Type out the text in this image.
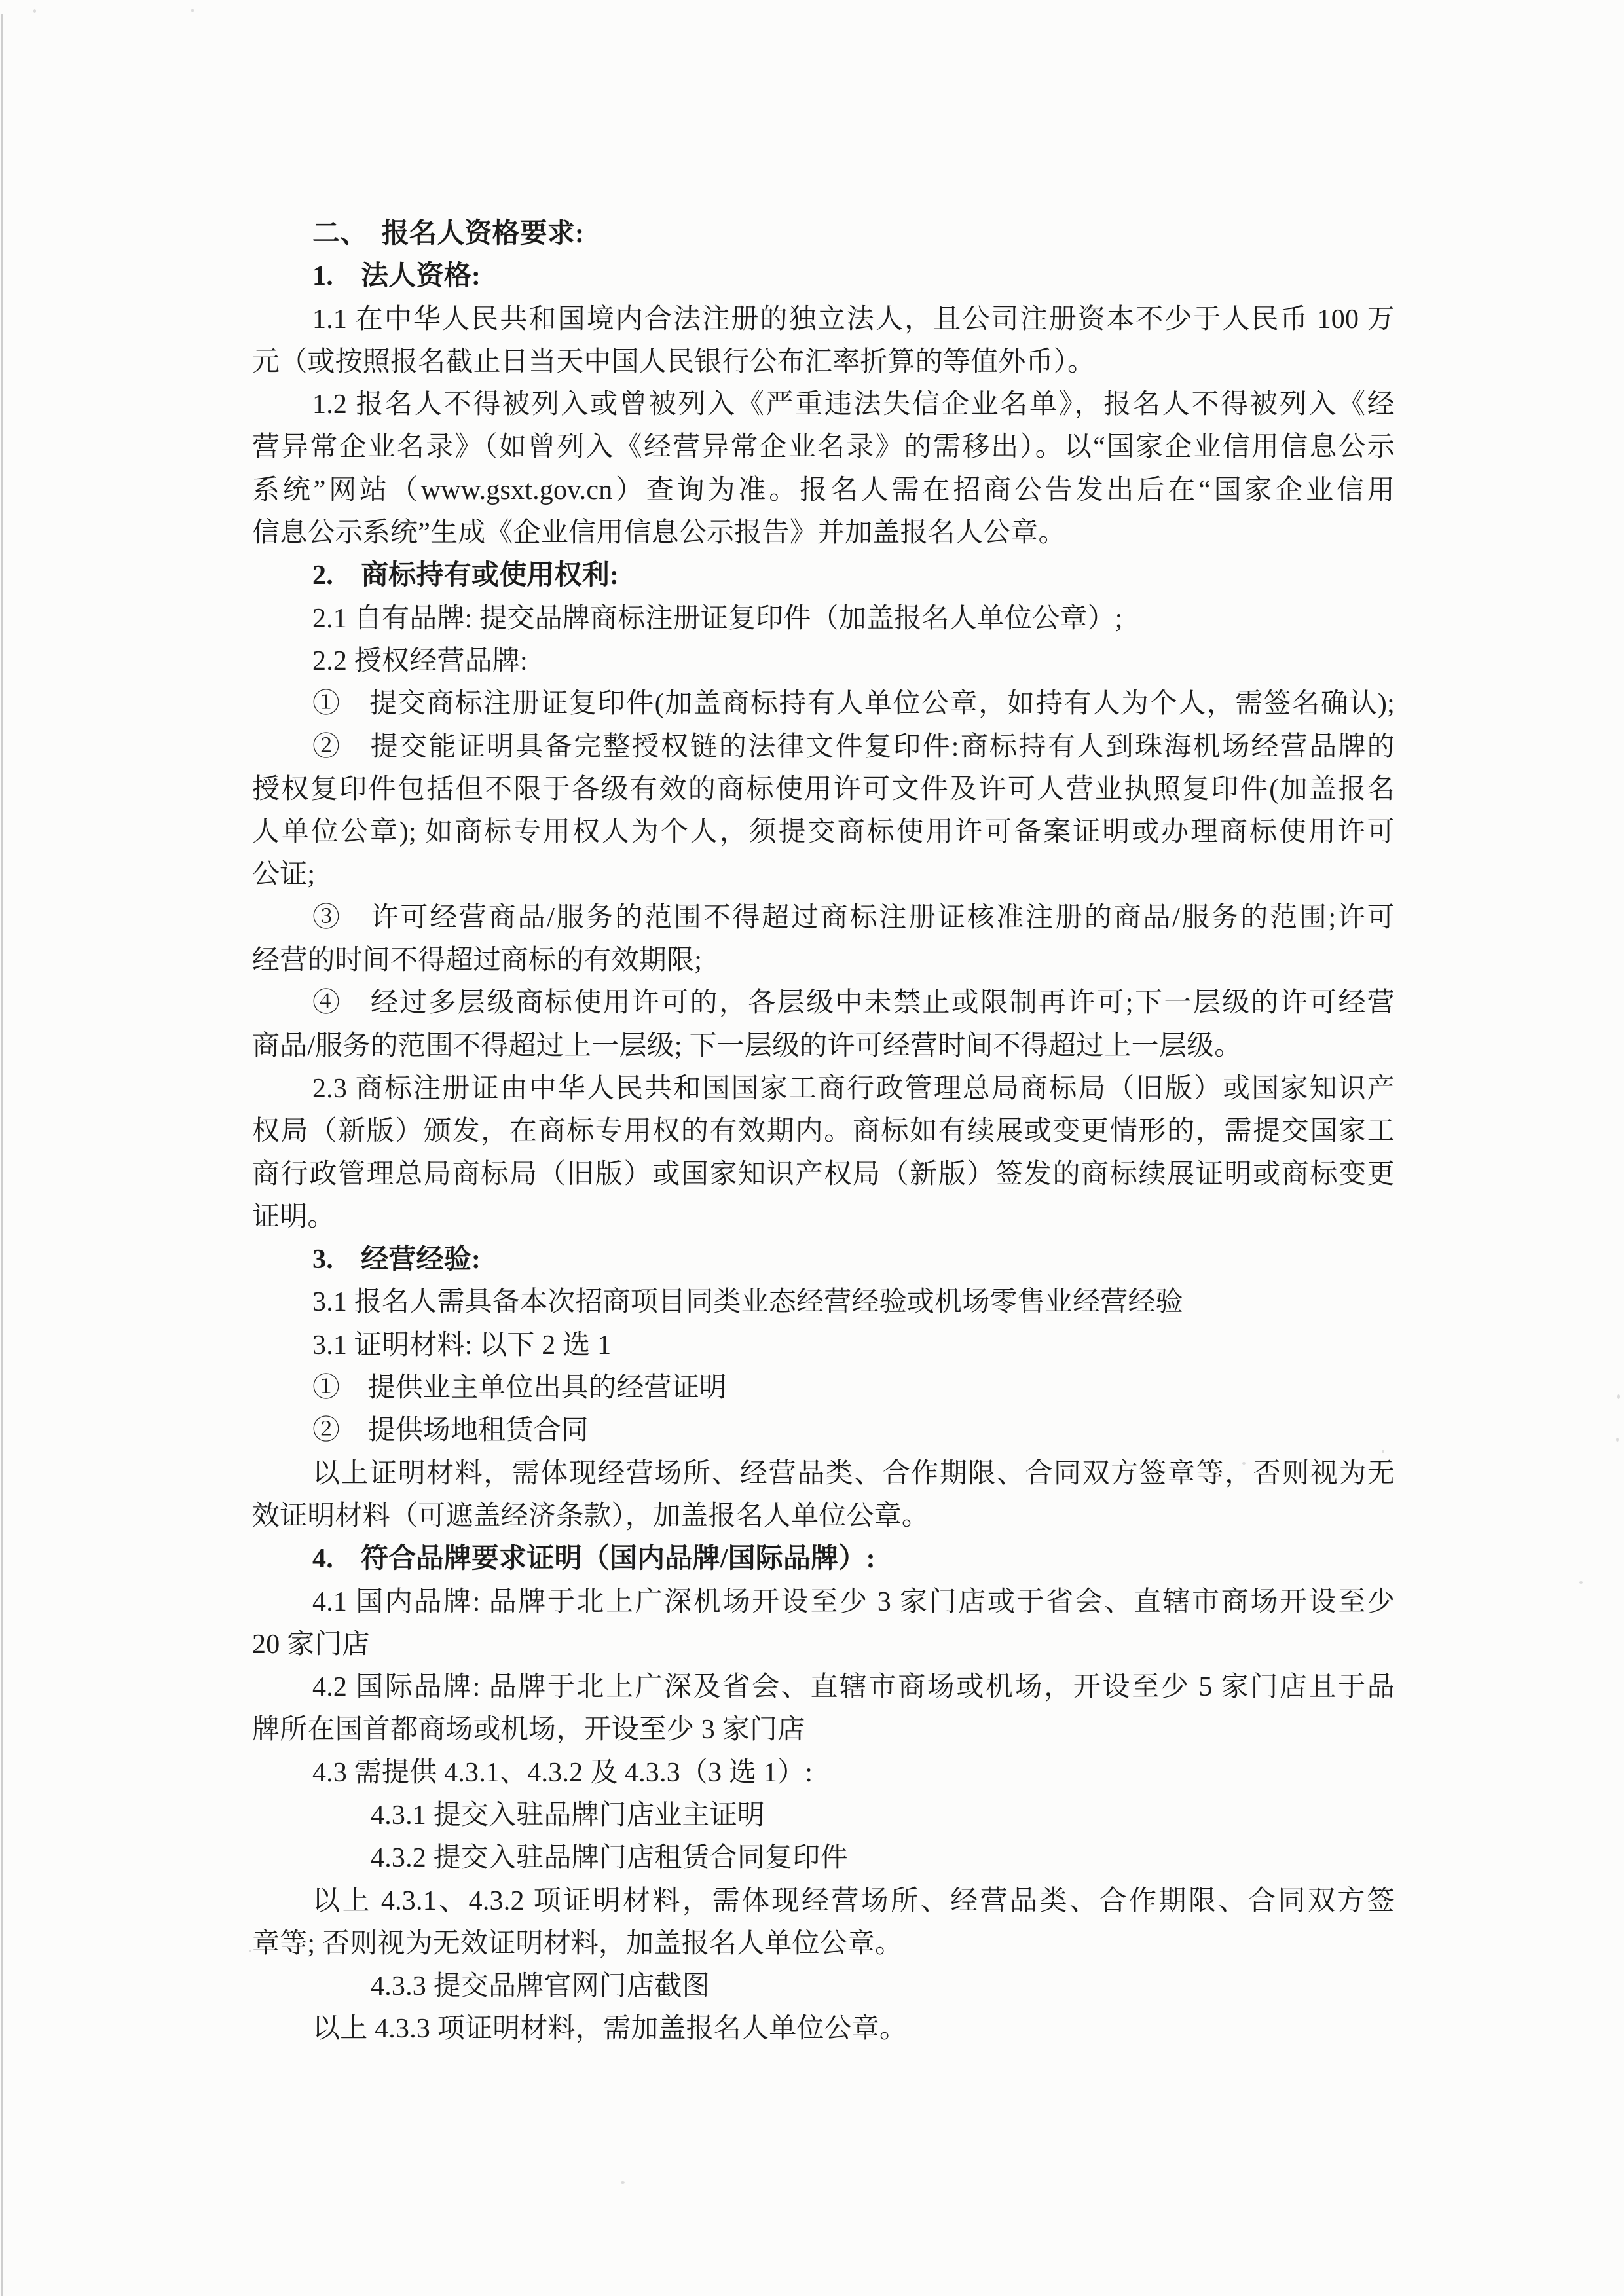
二、　报名人资格要求:
1.　法人资格:
1.1 在中华人民共和国境内合法注册的独立法人，且公司注册资本不少于人民币 100 万
元（或按照报名截止日当天中国人民银行公布汇率折算的等值外币）。
1.2 报名人不得被列入或曾被列入《严重违法失信企业名单》，报名人不得被列入《经
营异常企业名录》（如曾列入《经营异常企业名录》的需移出）。以“国家企业信用信息公示
系统”网站（www.gsxt.gov.cn）查询为准。报名人需在招商公告发出后在“国家企业信用
信息公示系统”生成《企业信用信息公示报告》并加盖报名人公章。
2.　商标持有或使用权利:
2.1 自有品牌: 提交品牌商标注册证复印件（加盖报名人单位公章）;
2.2 授权经营品牌:
①　提交商标注册证复印件(加盖商标持有人单位公章，如持有人为个人，需签名确认);
②　提交能证明具备完整授权链的法律文件复印件:商标持有人到珠海机场经营品牌的
授权复印件包括但不限于各级有效的商标使用许可文件及许可人营业执照复印件(加盖报名
人单位公章); 如商标专用权人为个人，须提交商标使用许可备案证明或办理商标使用许可
公证;
③　许可经营商品/服务的范围不得超过商标注册证核准注册的商品/服务的范围;许可
经营的时间不得超过商标的有效期限;
④　经过多层级商标使用许可的，各层级中未禁止或限制再许可;下一层级的许可经营
商品/服务的范围不得超过上一层级; 下一层级的许可经营时间不得超过上一层级。
2.3 商标注册证由中华人民共和国国家工商行政管理总局商标局（旧版）或国家知识产
权局（新版）颁发，在商标专用权的有效期内。商标如有续展或变更情形的，需提交国家工
商行政管理总局商标局（旧版）或国家知识产权局（新版）签发的商标续展证明或商标变更
证明。
3.　经营经验:
3.1 报名人需具备本次招商项目同类业态经营经验或机场零售业经营经验
3.1 证明材料: 以下 2 选 1
①　提供业主单位出具的经营证明
②　提供场地租赁合同
以上证明材料，需体现经营场所、经营品类、合作期限、合同双方签章等，否则视为无
效证明材料（可遮盖经济条款），加盖报名人单位公章。
4.　符合品牌要求证明（国内品牌/国际品牌）:
4.1 国内品牌: 品牌于北上广深机场开设至少 3 家门店或于省会、直辖市商场开设至少
20 家门店
4.2 国际品牌: 品牌于北上广深及省会、直辖市商场或机场，开设至少 5 家门店且于品
牌所在国首都商场或机场，开设至少 3 家门店
4.3 需提供 4.3.1、4.3.2 及 4.3.3（3 选 1）:
4.3.1 提交入驻品牌门店业主证明
4.3.2 提交入驻品牌门店租赁合同复印件
以上 4.3.1、4.3.2 项证明材料，需体现经营场所、经营品类、合作期限、合同双方签
章等; 否则视为无效证明材料，加盖报名人单位公章。
4.3.3 提交品牌官网门店截图
以上 4.3.3 项证明材料，需加盖报名人单位公章。
